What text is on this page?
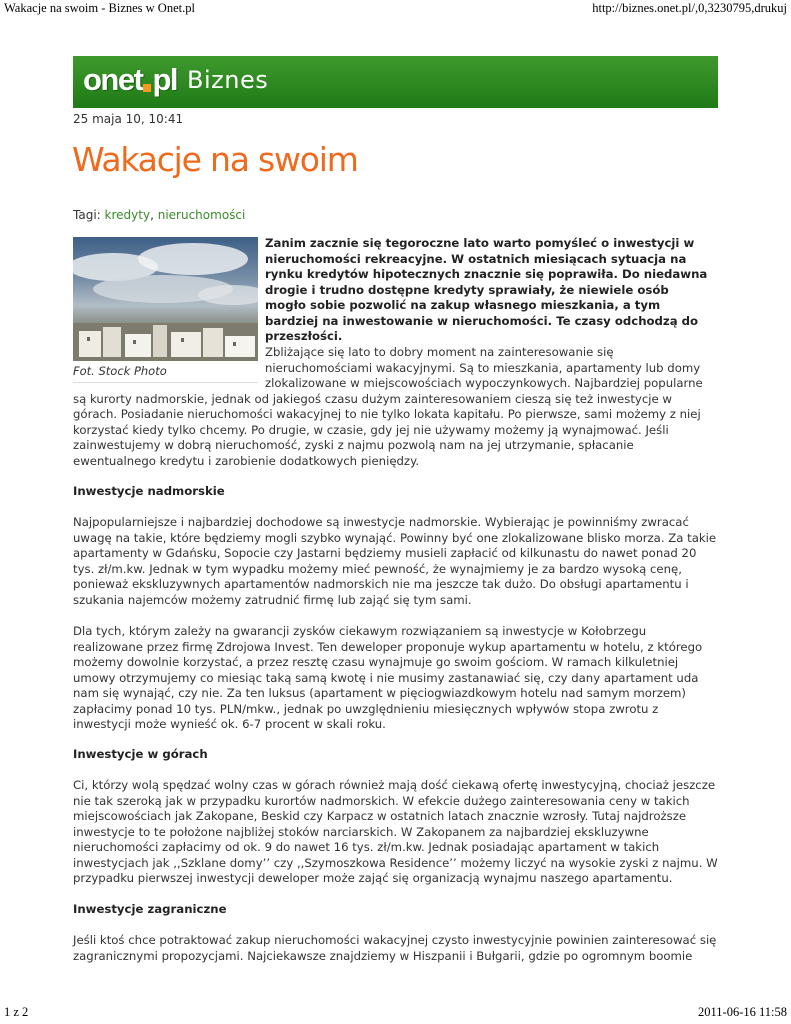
Wakacje na swoim - Biznes w Onet.pl	http://biznes.onet.pl/,0,3230795,drukuj
onet pl Biznes
25 maja 10, 10:41
Wakacje na swoim
Tagi: kredyty, nieruchomości
Fot. Stock Photo

Zanim zacznie się tegoroczne lato warto pomyśleć o inwestycji w nieruchomości rekreacyjne. W ostatnich miesiącach sytuacja na rynku kredytów hipotecznych znacznie się poprawiła. Do niedawna drogie i trudno dostępne kredyty sprawiały, że niewiele osób mogło sobie pozwolić na zakup własnego mieszkania, a tym bardziej na inwestowanie w nieruchomości. Te czasy odchodzą do przeszłości.

Zbliżające się lato to dobry moment na zainteresowanie się nieruchomościami wakacyjnymi. Są to mieszkania, apartamenty lub domy zlokalizowane w miejscowościach wypoczynkowych. Najbardziej popularne są kurorty nadmorskie, jednak od jakiegoś czasu dużym zainteresowaniem cieszą się też inwestycje w górach. Posiadanie nieruchomości wakacyjnej to nie tylko lokata kapitału. Po pierwsze, sami możemy z niej korzystać kiedy tylko chcemy. Po drugie, w czasie, gdy jej nie używamy możemy ją wynajmować. Jeśli zainwestujemy w dobrą nieruchomość, zyski z najmu pozwolą nam na jej utrzymanie, spłacanie ewentualnego kredytu i zarobienie dodatkowych pieniędzy.

Inwestycje nadmorskie

Najpopularniejsze i najbardziej dochodowe są inwestycje nadmorskie. Wybierając je powinniśmy zwracać uwagę na takie, które będziemy mogli szybko wynająć. Powinny być one zlokalizowane blisko morza. Za takie apartamenty w Gdańsku, Sopocie czy Jastarni będziemy musieli zapłacić od kilkunastu do nawet ponad 20 tys. zł/m.kw. Jednak w tym wypadku możemy mieć pewność, że wynajmiemy je za bardzo wysoką cenę, ponieważ ekskluzywnych apartamentów nadmorskich nie ma jeszcze tak dużo. Do obsługi apartamentu i szukania najemców możemy zatrudnić firmę lub zająć się tym sami.

Dla tych, którym zależy na gwarancji zysków ciekawym rozwiązaniem są inwestycje w Kołobrzegu realizowane przez firmę Zdrojowa Invest. Ten deweloper proponuje wykup apartamentu w hotelu, z którego możemy dowolnie korzystać, a przez resztę czasu wynajmuje go swoim gościom. W ramach kilkuletniej umowy otrzymujemy co miesiąc taką samą kwotę i nie musimy zastanawiać się, czy dany apartament uda nam się wynająć, czy nie. Za ten luksus (apartament w pięciogwiazdkowym hotelu nad samym morzem) zapłacimy ponad 10 tys. PLN/mkw., jednak po uwzględnieniu miesięcznych wpływów stopa zwrotu z inwestycji może wynieść ok. 6-7 procent w skali roku.

Inwestycje w górach

Ci, którzy wolą spędzać wolny czas w górach również mają dość ciekawą ofertę inwestycyjną, chociaż jeszcze nie tak szeroką jak w przypadku kurortów nadmorskich. W efekcie dużego zainteresowania ceny w takich miejscowościach jak Zakopane, Beskid czy Karpacz w ostatnich latach znacznie wzrosły. Tutaj najdroższe inwestycje to te położone najbliżej stoków narciarskich. W Zakopanem za najbardziej ekskluzywne nieruchomości zapłacimy od ok. 9 do nawet 16 tys. zł/m.kw. Jednak posiadając apartament w takich inwestycjach jak ,,Szklane domy’’ czy ,,Szymoszkowa Residence’’ możemy liczyć na wysokie zyski z najmu. W przypadku pierwszej inwestycji deweloper może zająć się organizacją wynajmu naszego apartamentu.

Inwestycje zagraniczne

Jeśli ktoś chce potraktować zakup nieruchomości wakacyjnej czysto inwestycyjnie powinien zainteresować się zagranicznymi propozycjami. Najciekawsze znajdziemy w Hiszpanii i Bułgarii, gdzie po ogromnym boomie

1 z 2	2011-06-16 11:58
